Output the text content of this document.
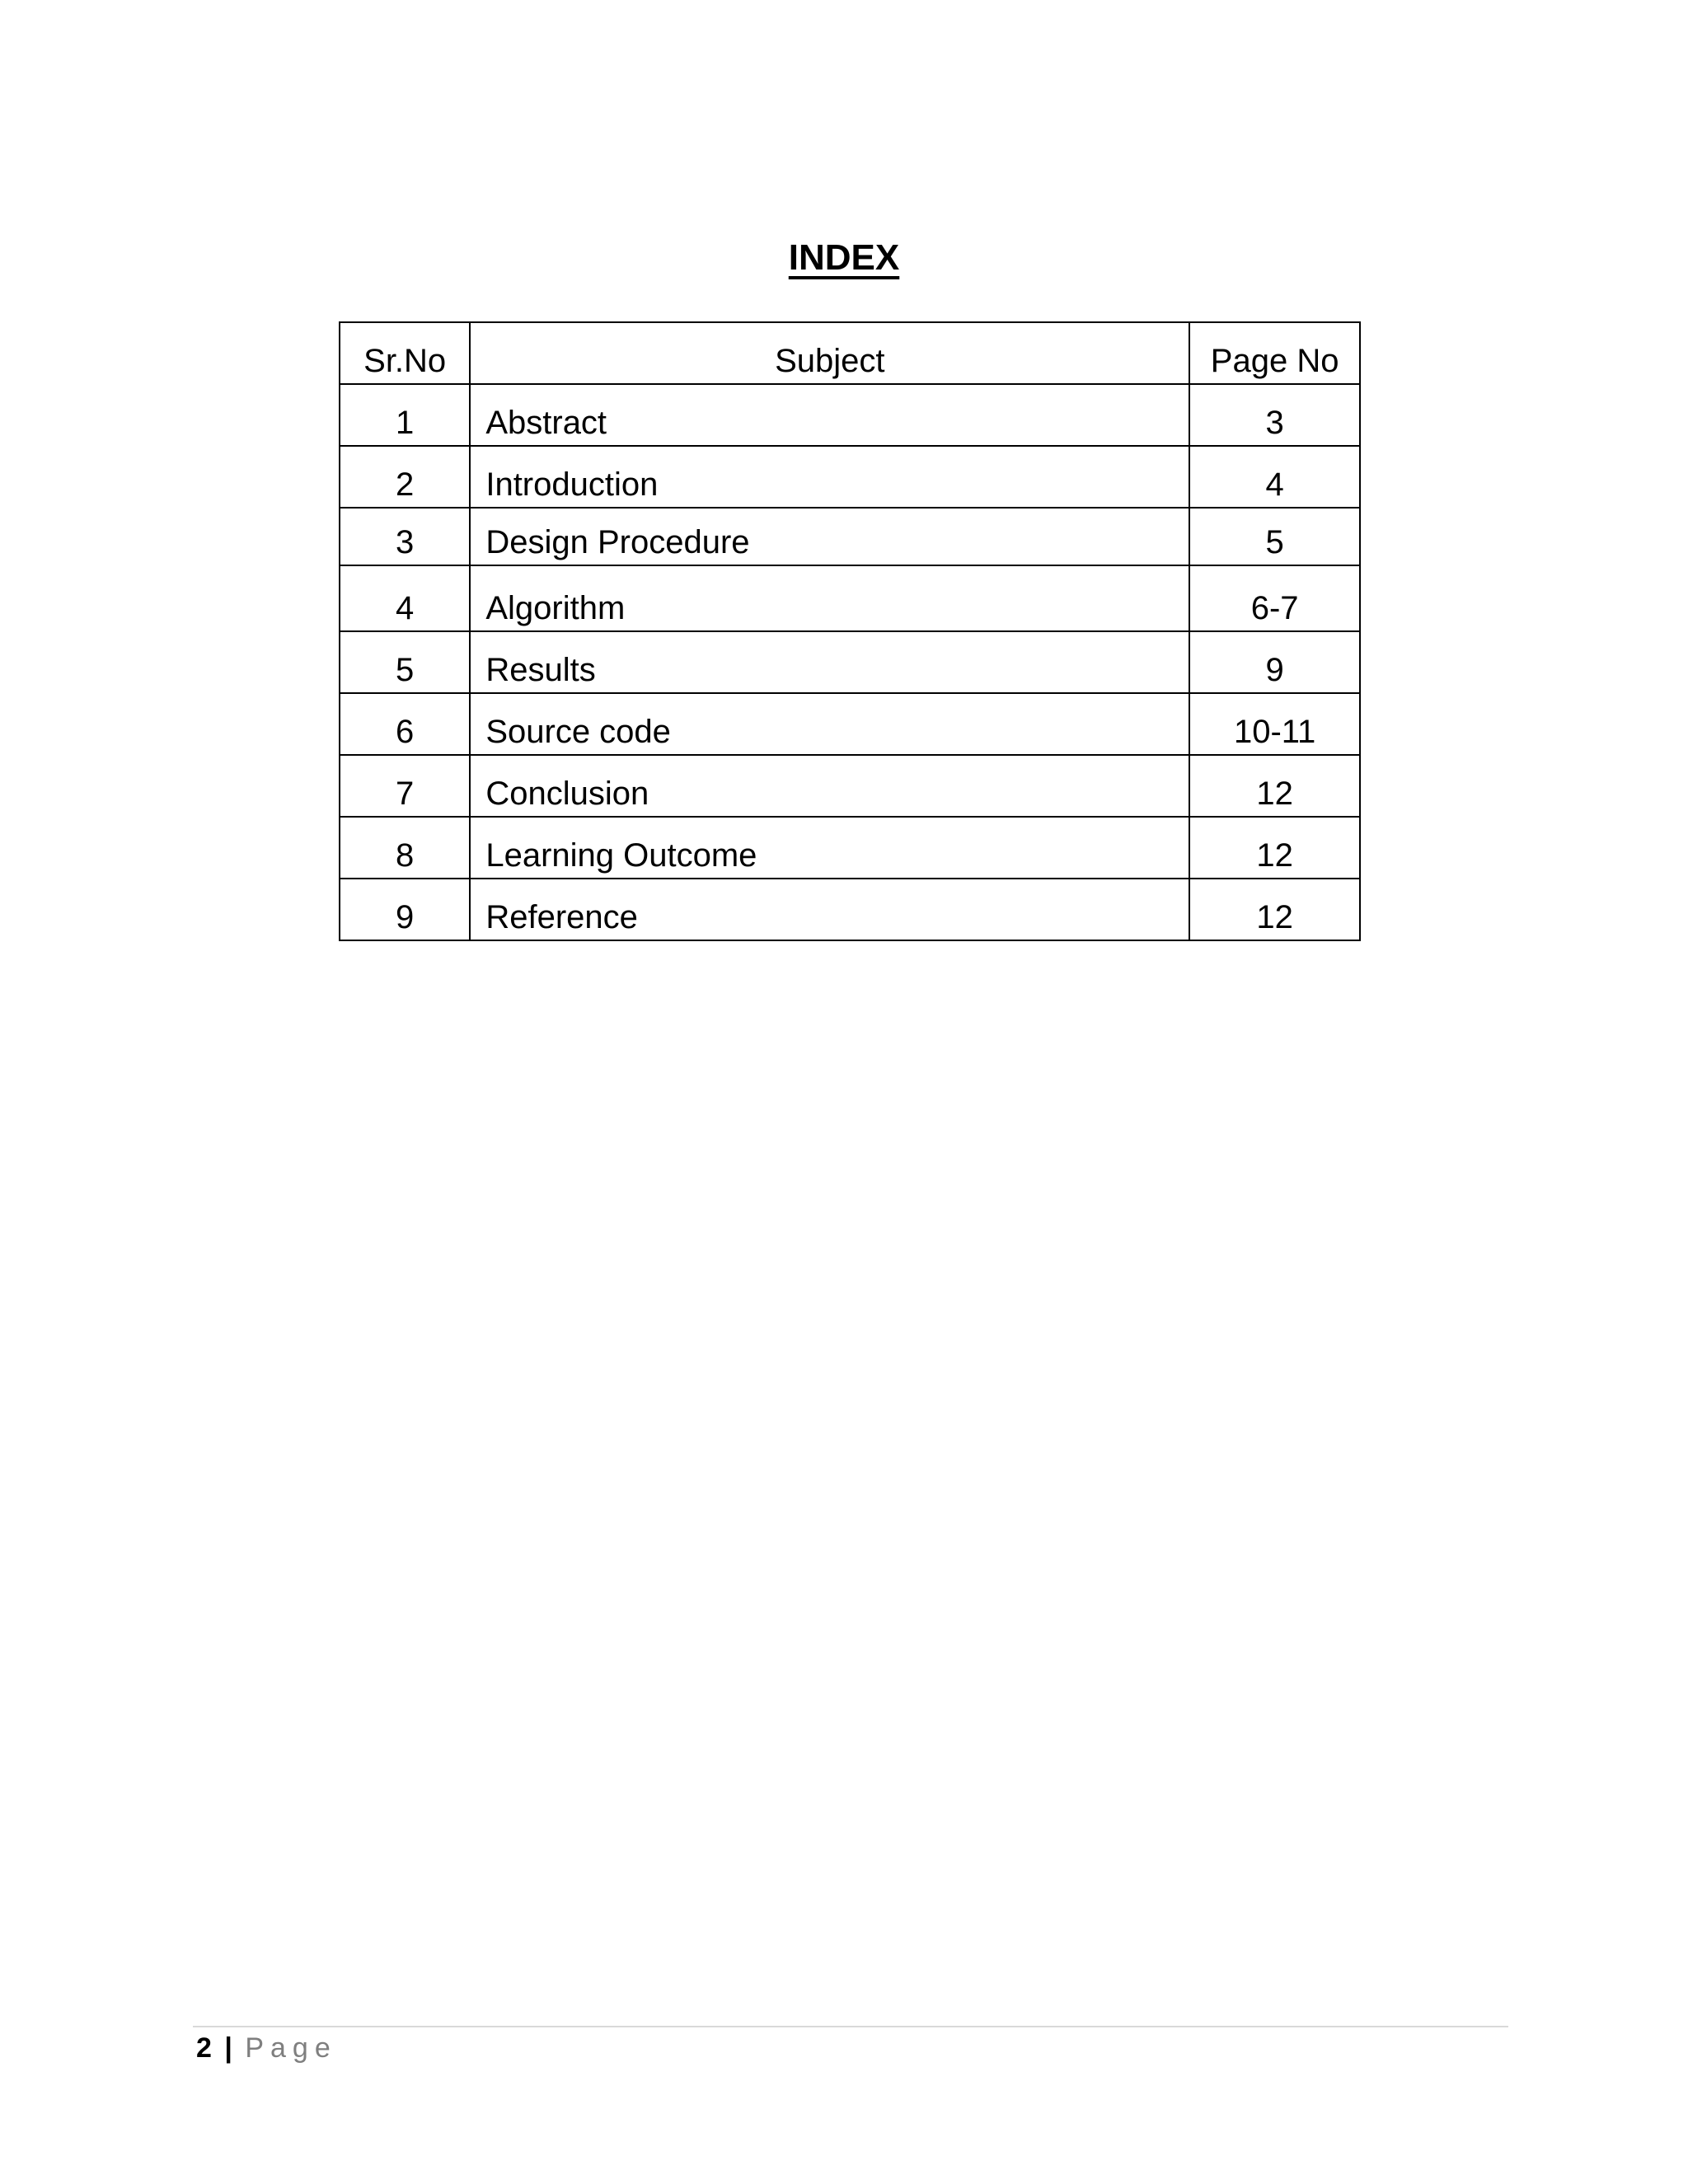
INDEX
Sr.No	Subject	Page No
1	Abstract	3
2	Introduction	4
3	Design Procedure	5
4	Algorithm	6-7
5	Results	9
6	Source code	10-11
7	Conclusion	12
8	Learning Outcome	12
9	Reference	12
2 | Page
